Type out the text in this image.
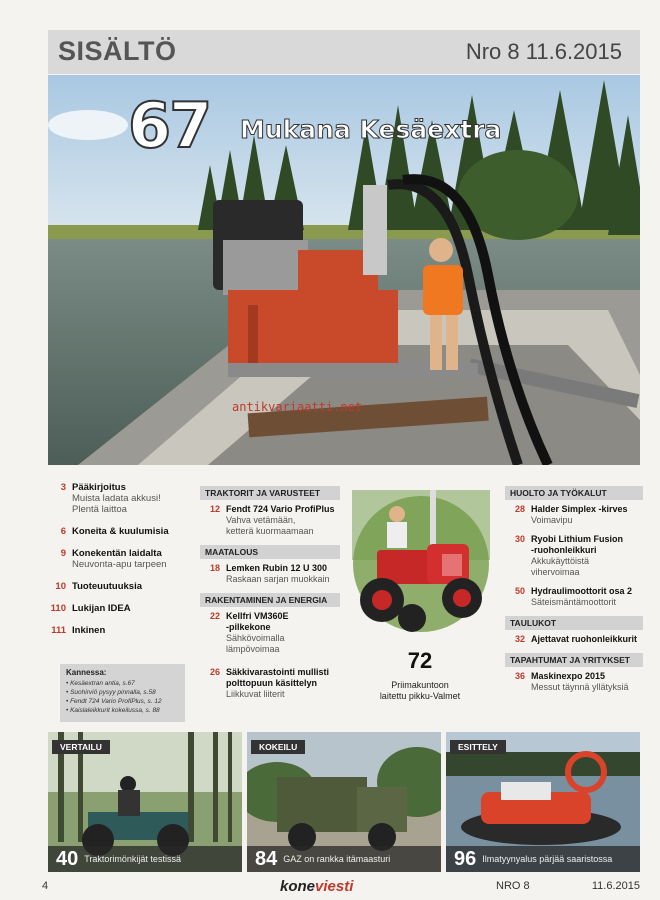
SISÄLTÖ	Nro 8 11.6.2015
67 Mukana Kesäextra
antikvariaatti.net
3 Pääkirjoitus
Muista ladata akkusi!
Plentä laittoa
6 Koneita & kuulumisia
9 Konekentän laidalta
Neuvonta-apu tarpeen
10 Tuoteuutuuksia
110 Lukijan IDEA
111 Inkinen
Kannessa:
• Kesäextran antia, s.67
• Suohirviö pysyy pinnalla, s.58
• Fendt 724 Vario ProfiPlus, s. 12
• Kaislaleikkurit kokeilussa, s. 88
TRAKTORIT JA VARUSTEET
12 Fendt 724 Vario ProfiPlus
Vahva vetämään,
ketterä kuormaamaan
MAATALOUS
18 Lemken Rubin 12 U 300
Raskaan sarjan muokkain
RAKENTAMINEN JA ENERGIA
22 Kellfri VM360E
-pilkekone
Sähkövoimalla
lämpövoimaa
26 Säkkivarastointi mullisti
polttopuun käsittelyn
Liikkuvat liiterit
72
Priimakuntoon
laitettu pikku-Valmet
HUOLTO JA TYÖKALUT
28 Halder Simplex -kirves
Voimavipu
30 Ryobi Lithium Fusion
-ruohonleikkuri
Akkukäyttöistä
vihervoimaa
50 Hydraulimoottorit osa 2
Säteismäntämoottorit
TAULUKOT
32 Ajettavat ruohonleikkurit
TAPAHTUMAT JA YRITYKSET
36 Maskinexpo 2015
Messut täynnä yllätyksiä
VERTAILU
40 Traktorimönkijät testissä
KOKEILU
84 GAZ on rankka itämaasturi
ESITTELY
96 Ilmatyynyalus pärjää saaristossa
4	koneviesti	NRO 8	11.6.2015
